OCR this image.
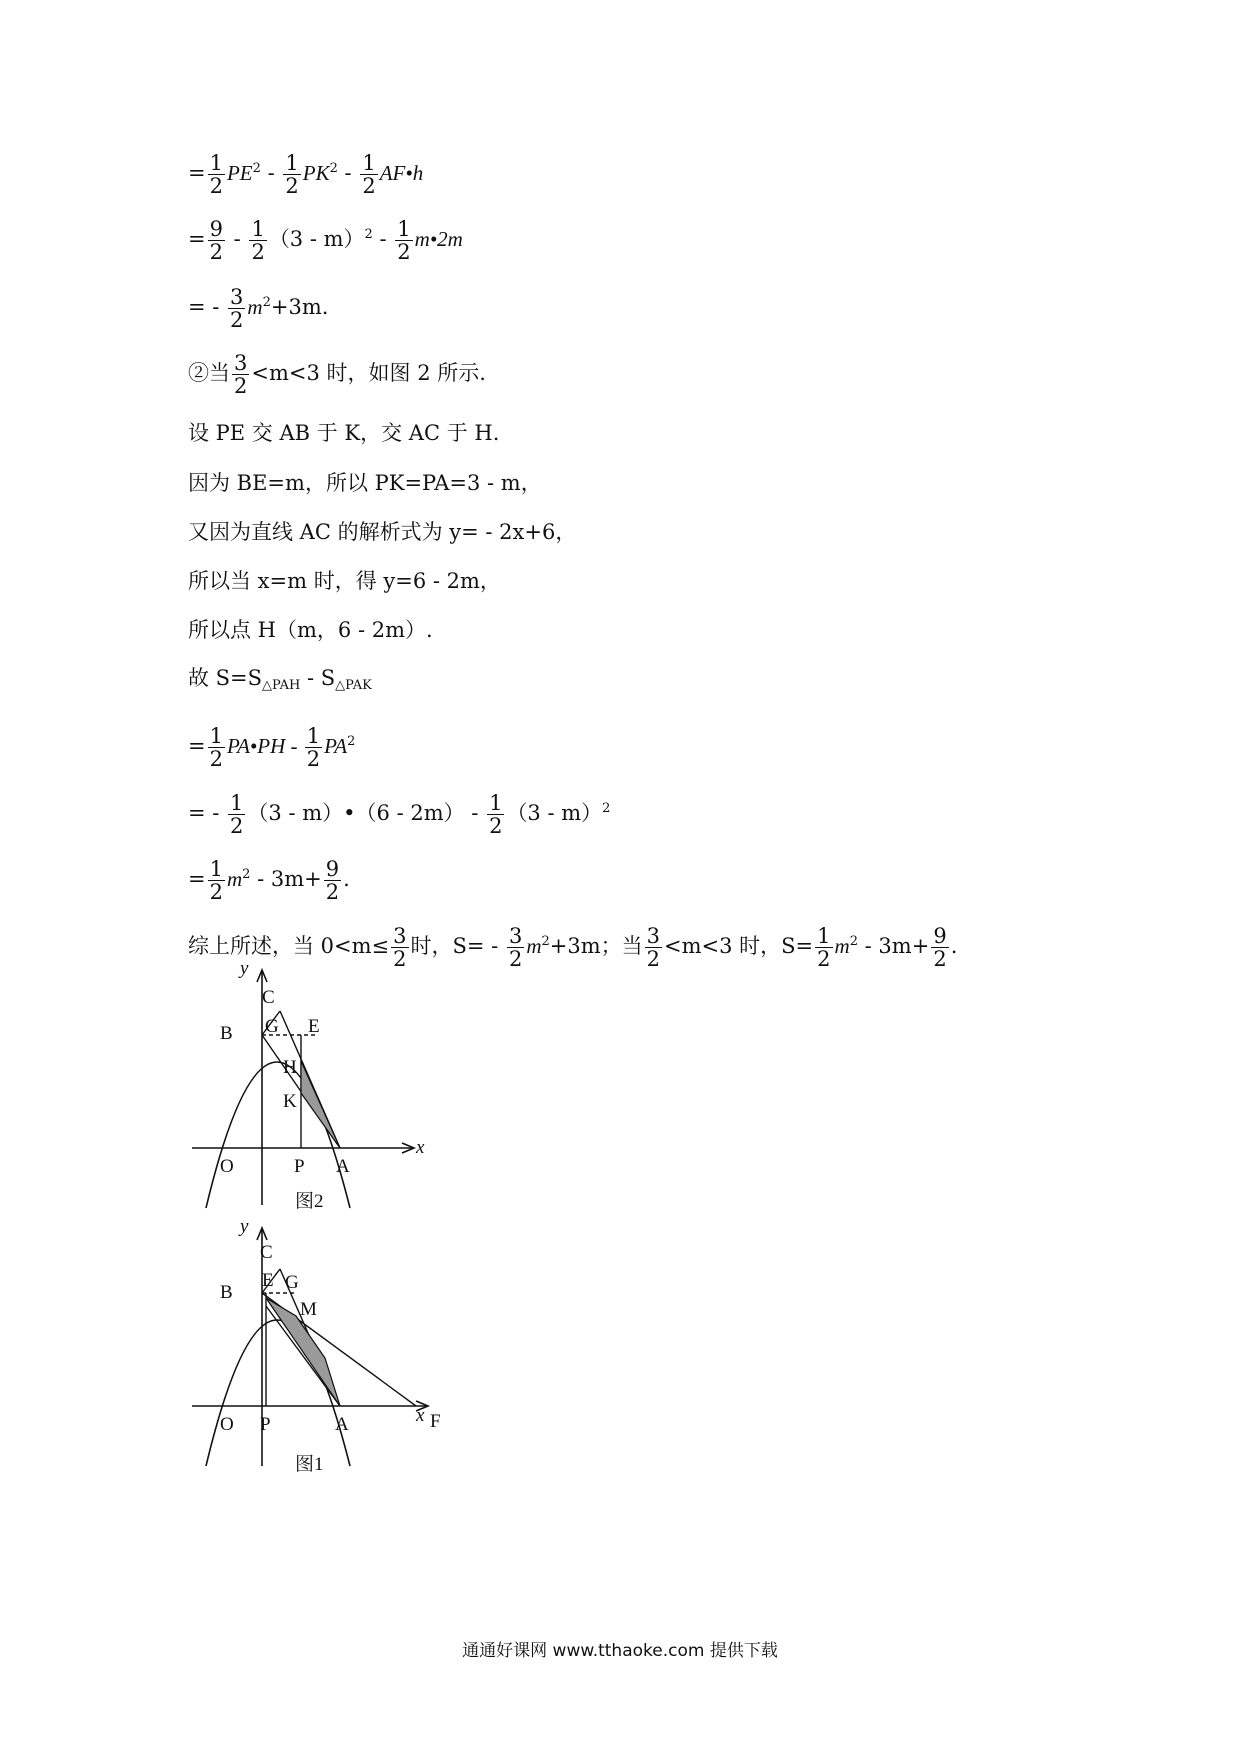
= $\frac{1}{2} PE^2 - \frac{1}{2} PK^2 - \frac{1}{2}$ AF•h
= $\frac{9}{2} - \frac{1}{2} (3 - m)^2 - \frac{1}{2}$ m•2m
= - $\frac{3}{2} m^2+3m$.
②当 $\frac{3}{2} <m<3$ 时，如图 2 所示.
设 PE 交 AB 于 K，交 AC 于 H.
因为 BE=m，所以 PK=PA=3 - m，
又因为直线 AC 的解析式为 y= - 2x+6，
所以当 x=m 时，得 y=6 - 2m，
所以点 H（m，6 - 2m）.
故 $S=S_{\triangle PAH} - S_{\triangle PAK}$
= $\frac{1}{2}$ PA•PH - $\frac{1}{2} PA^2$
= - $\frac{1}{2} (3$ - m）•（6 - $2m) - \frac{1}{2} (3 - m)^2$
= $\frac{1}{2} m^2 - 3m+ \frac{9}{2}$ .
综上所述，当 $0<m\le \frac{3}{2}$ 时，$S= - \frac{3}{2} m^2+3m$；当 $\frac{3}{2} <m<3$ 时，$S= \frac{1}{2} m^2 - 3m+ \frac{9}{2}$ .
y
C
G E
B
H
K
O	P A
x
图2
y
C
E G
M
B
O P	A	x F
图1
通通好课网 www.tthaoke.com 提供下载
